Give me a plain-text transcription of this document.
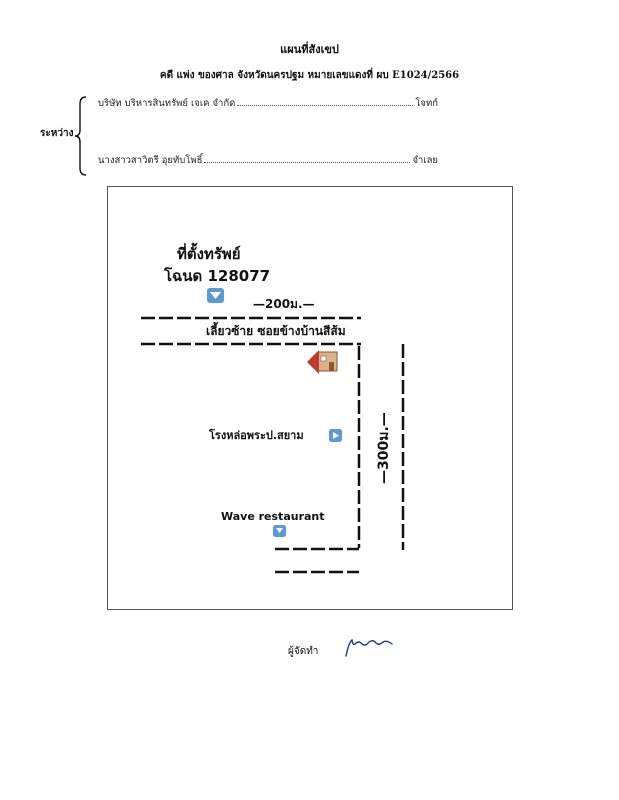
แผนที่สังเขป
คดี แพ่ง ของศาล จังหวัดนครปฐม หมายเลขแดงที่ ผบ E1024/2566
ระหว่าง
บริษัท บริหารสินทรัพย์ เจเค จำกัด	โจทก์
นางสาวสาวิตรี อุยทับโพธิ์	จำเลย
ที่ตั้งทรัพย์
โฉนด 128077
—200ม.—
เลี้ยวซ้าย ซอยข้างบ้านสีส้ม
—300ม.—
โรงหล่อพระป.สยาม
Wave restaurant
ผู้จัดทำ
